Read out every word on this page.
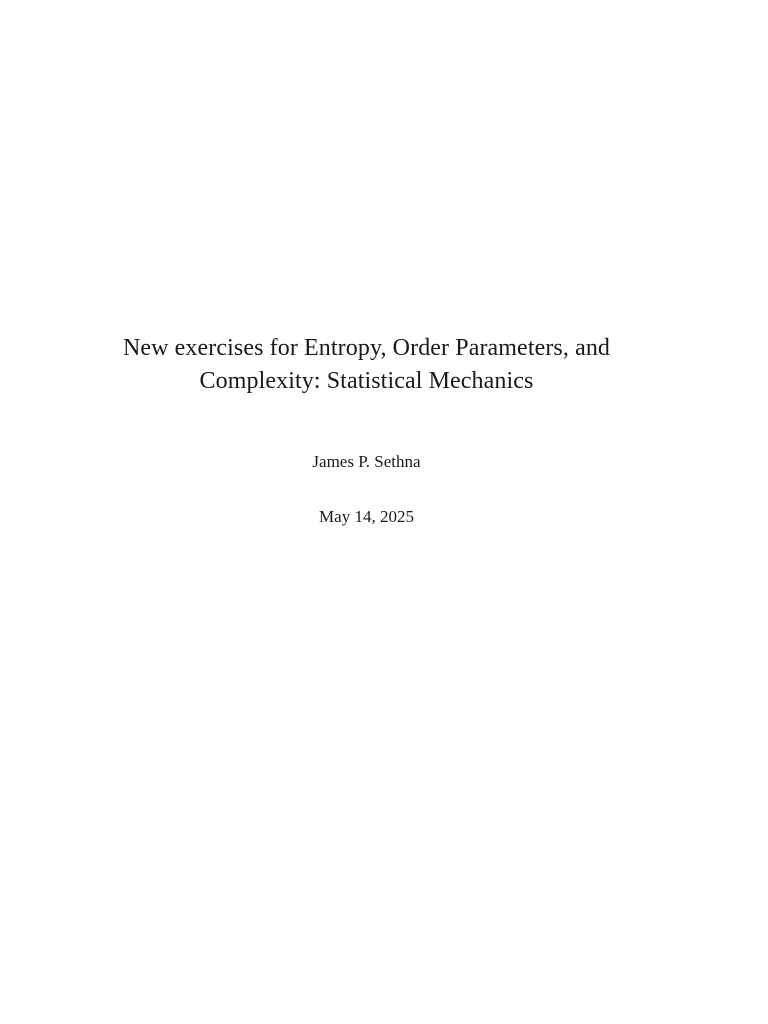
New exercises for Entropy, Order Parameters, and
Complexity: Statistical Mechanics
James P. Sethna
May 14, 2025
